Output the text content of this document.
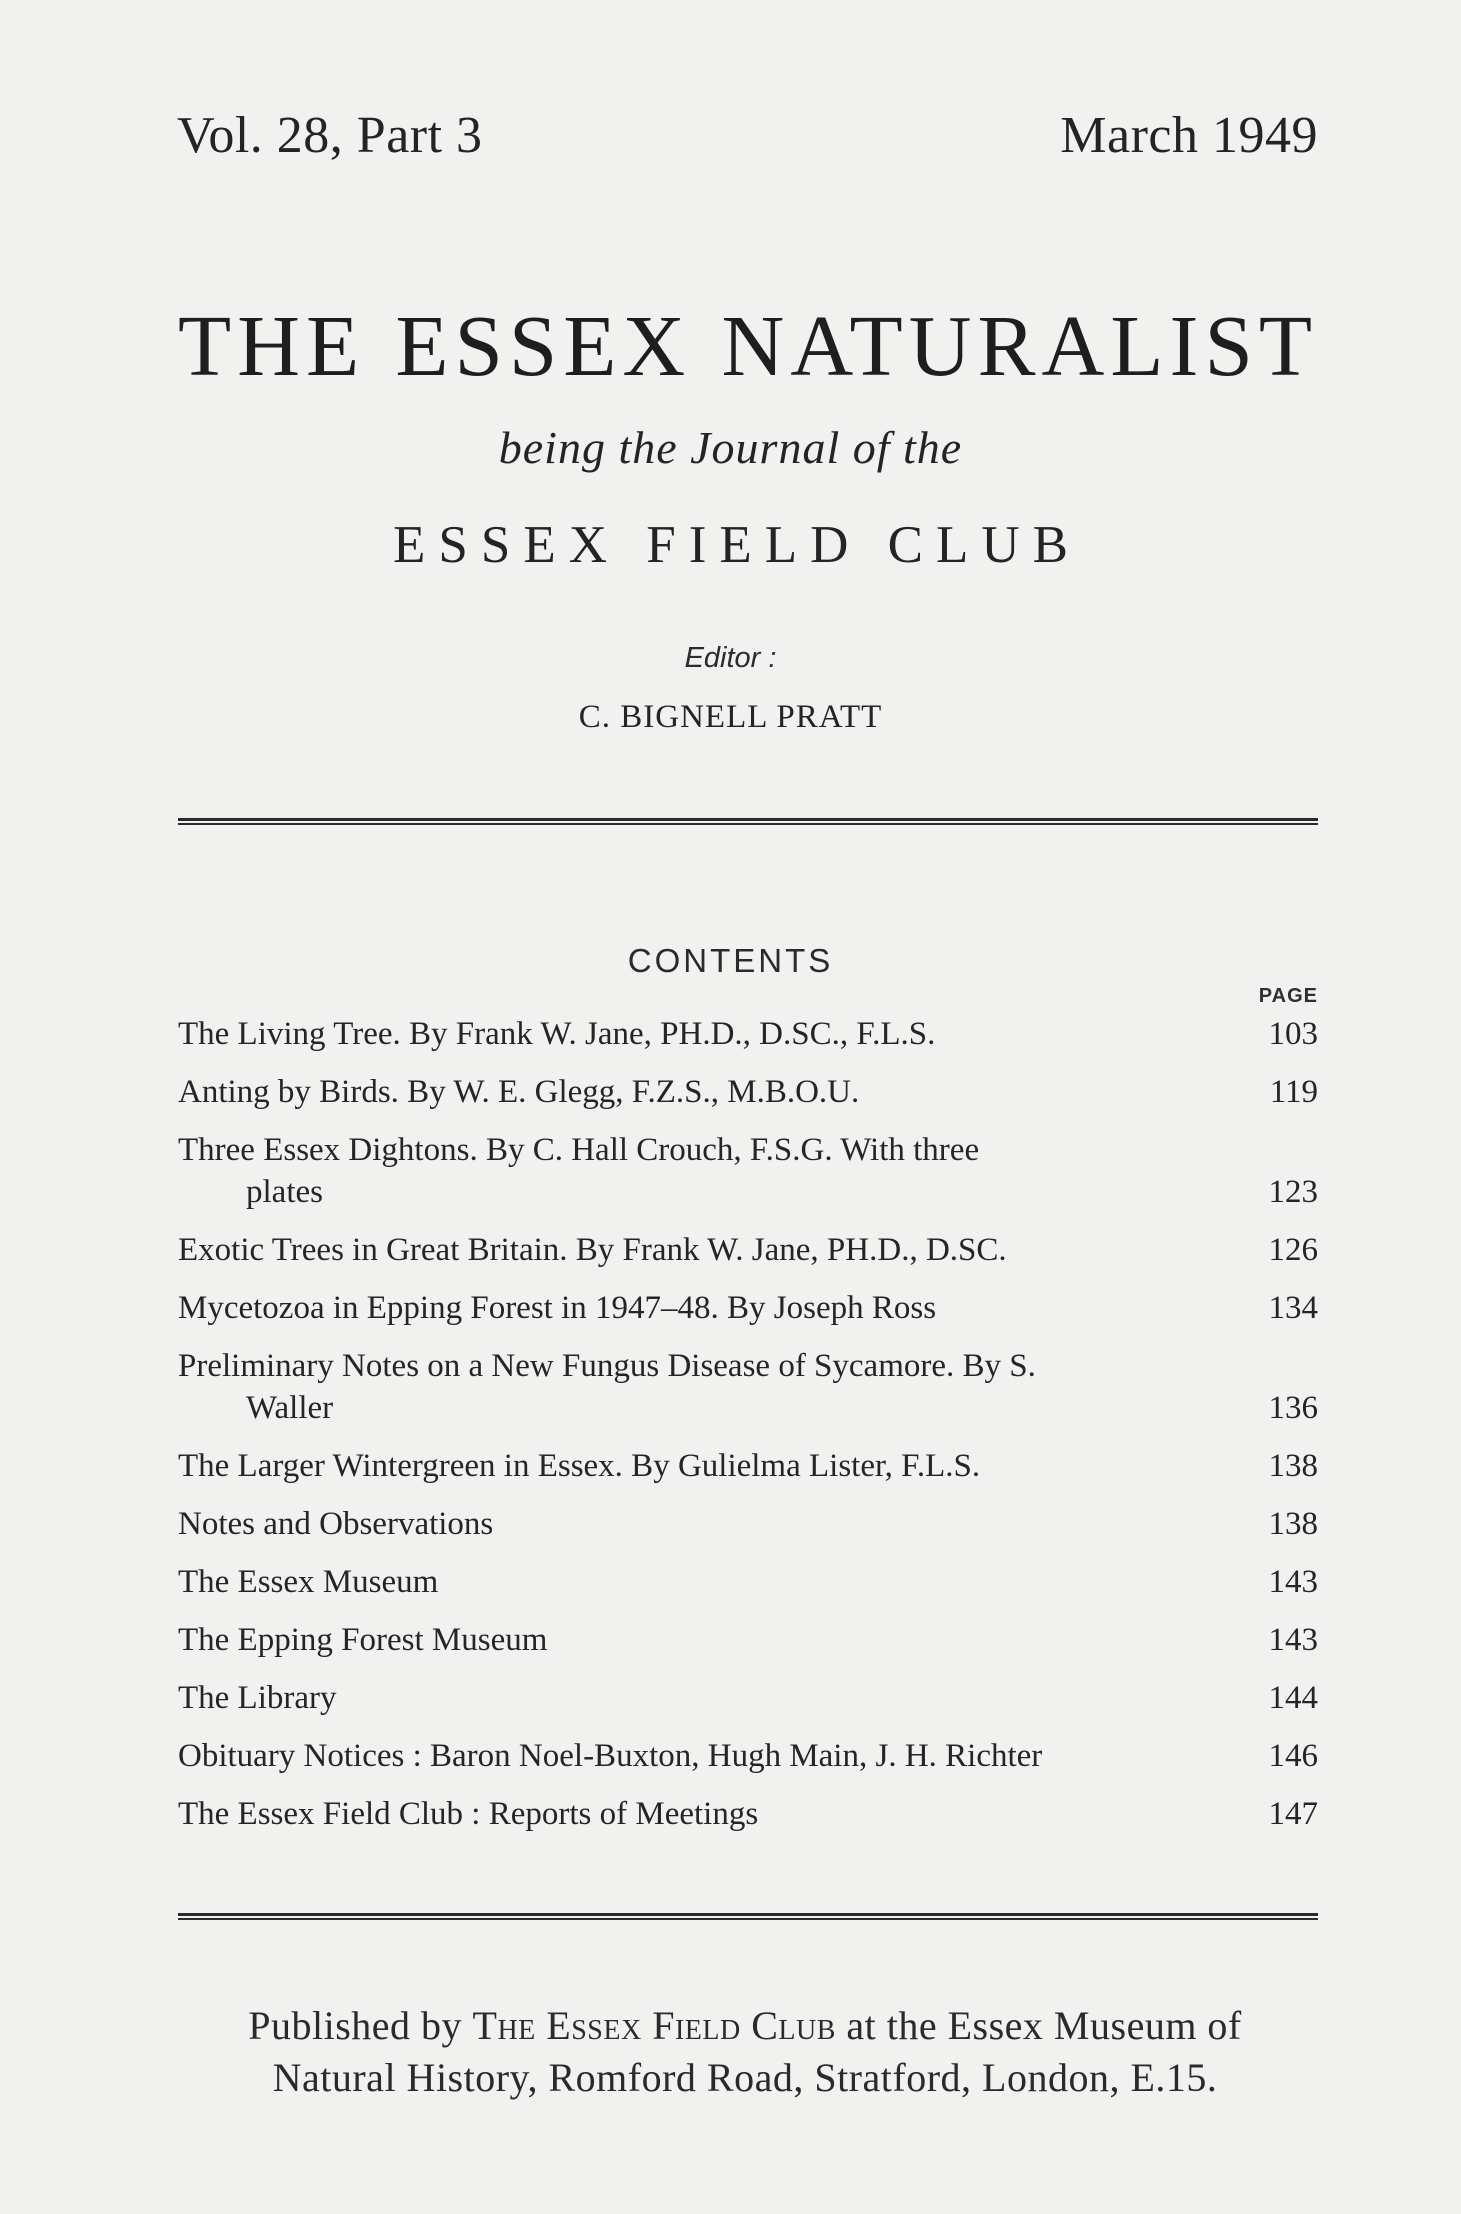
Vol. 28, Part 3	March 1949
THE ESSEX NATURALIST
being the Journal of the
ESSEX FIELD CLUB
Editor :
C. BIGNELL PRATT
CONTENTS
PAGE
The Living Tree. By Frank W. Jane, PH.D., D.SC., F.L.S.	103
Anting by Birds. By W. E. Glegg, F.Z.S., M.B.O.U.	119
Three Essex Dightons. By C. Hall Crouch, F.S.G. With three
plates	123
Exotic Trees in Great Britain. By Frank W. Jane, PH.D., D.SC.	126
Mycetozoa in Epping Forest in 1947–48. By Joseph Ross	134
Preliminary Notes on a New Fungus Disease of Sycamore. By S.
Waller	136
The Larger Wintergreen in Essex. By Gulielma Lister, F.L.S.	138
Notes and Observations	138
The Essex Museum	143
The Epping Forest Museum	143
The Library	144
Obituary Notices : Baron Noel-Buxton, Hugh Main, J. H. Richter	146
The Essex Field Club : Reports of Meetings	147
Published by The Essex Field Club at the Essex Museum of
Natural History, Romford Road, Stratford, London, E.15.
